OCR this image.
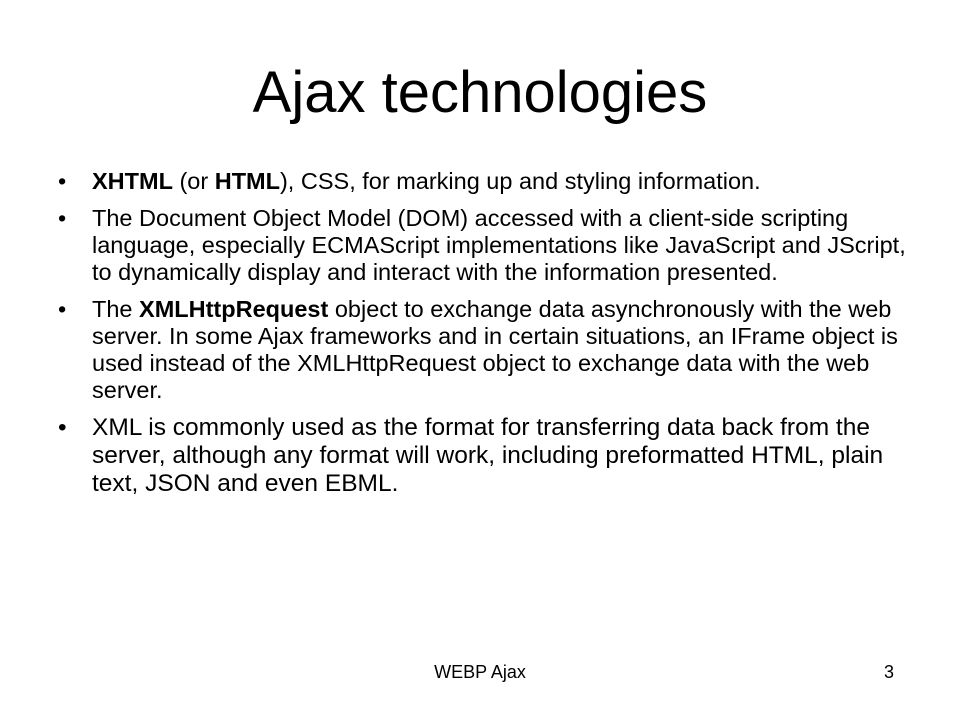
Ajax technologies
• XHTML (or HTML), CSS, for marking up and styling information.
• The Document Object Model (DOM) accessed with a client-side scripting language, especially ECMAScript implementations like JavaScript and JScript, to dynamically display and interact with the information presented.
• The XMLHttpRequest object to exchange data asynchronously with the web server. In some Ajax frameworks and in certain situations, an IFrame object is used instead of the XMLHttpRequest object to exchange data with the web server.
• XML is commonly used as the format for transferring data back from the server, although any format will work, including preformatted HTML, plain text, JSON and even EBML.
WEBP Ajax	3
